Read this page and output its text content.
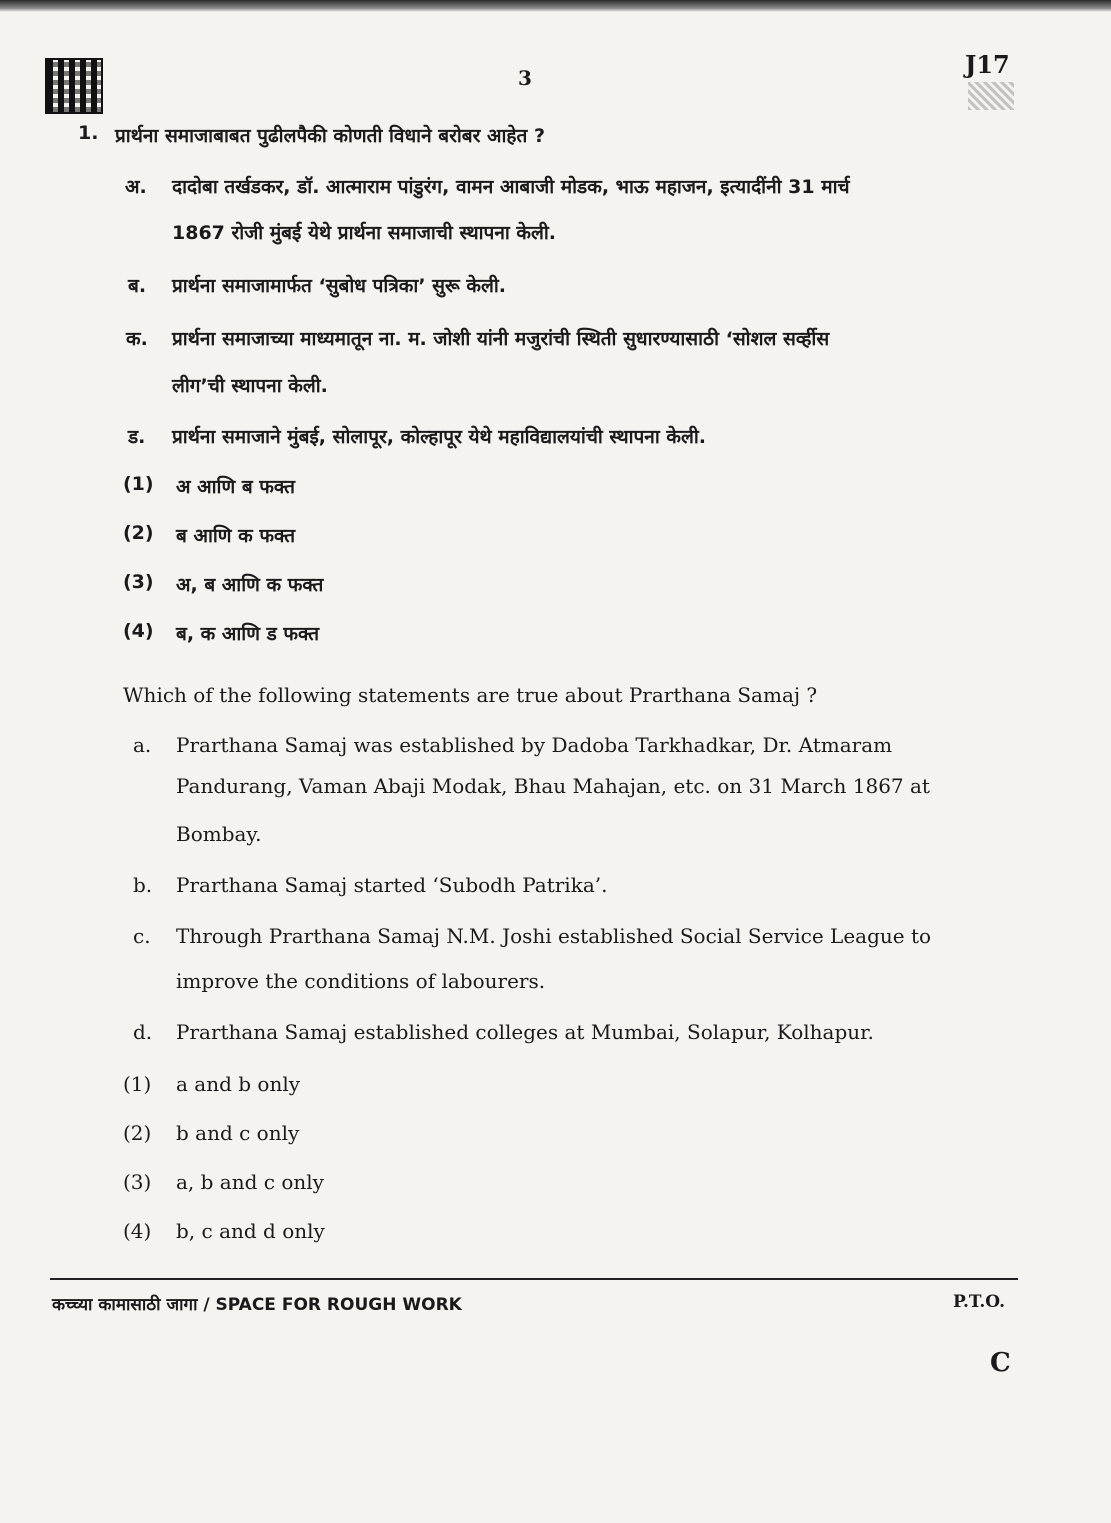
3	J17
1. प्रार्थना समाजाबाबत पुढीलपैकी कोणती विधाने बरोबर आहेत ?
अ. दादोबा तर्खडकर, डॉ. आत्माराम पांडुरंग, वामन आबाजी मोडक, भाऊ महाजन, इत्यादींनी 31 मार्च
1867 रोजी मुंबई येथे प्रार्थना समाजाची स्थापना केली.
ब. प्रार्थना समाजामार्फत ‘सुबोध पत्रिका’ सुरू केली.
क. प्रार्थना समाजाच्या माध्यमातून ना. म. जोशी यांनी मजुरांची स्थिती सुधारण्यासाठी ‘सोशल सर्व्हीस
लीग’ची स्थापना केली.
ड. प्रार्थना समाजाने मुंबई, सोलापूर, कोल्हापूर येथे महाविद्यालयांची स्थापना केली.
(1) अ आणि ब फक्त
(2) ब आणि क फक्त
(3) अ, ब आणि क फक्त
(4) ब, क आणि ड फक्त
Which of the following statements are true about Prarthana Samaj ?
a. Prarthana Samaj was established by Dadoba Tarkhadkar, Dr. Atmaram
Pandurang, Vaman Abaji Modak, Bhau Mahajan, etc. on 31 March 1867 at
Bombay.
b. Prarthana Samaj started ‘Subodh Patrika’.
c. Through Prarthana Samaj N.M. Joshi established Social Service League to
improve the conditions of labourers.
d. Prarthana Samaj established colleges at Mumbai, Solapur, Kolhapur.
(1) a and b only
(2) b and c only
(3) a, b and c only
(4) b, c and d only
कच्च्या कामासाठी जागा / SPACE FOR ROUGH WORK	P.T.O.
C
